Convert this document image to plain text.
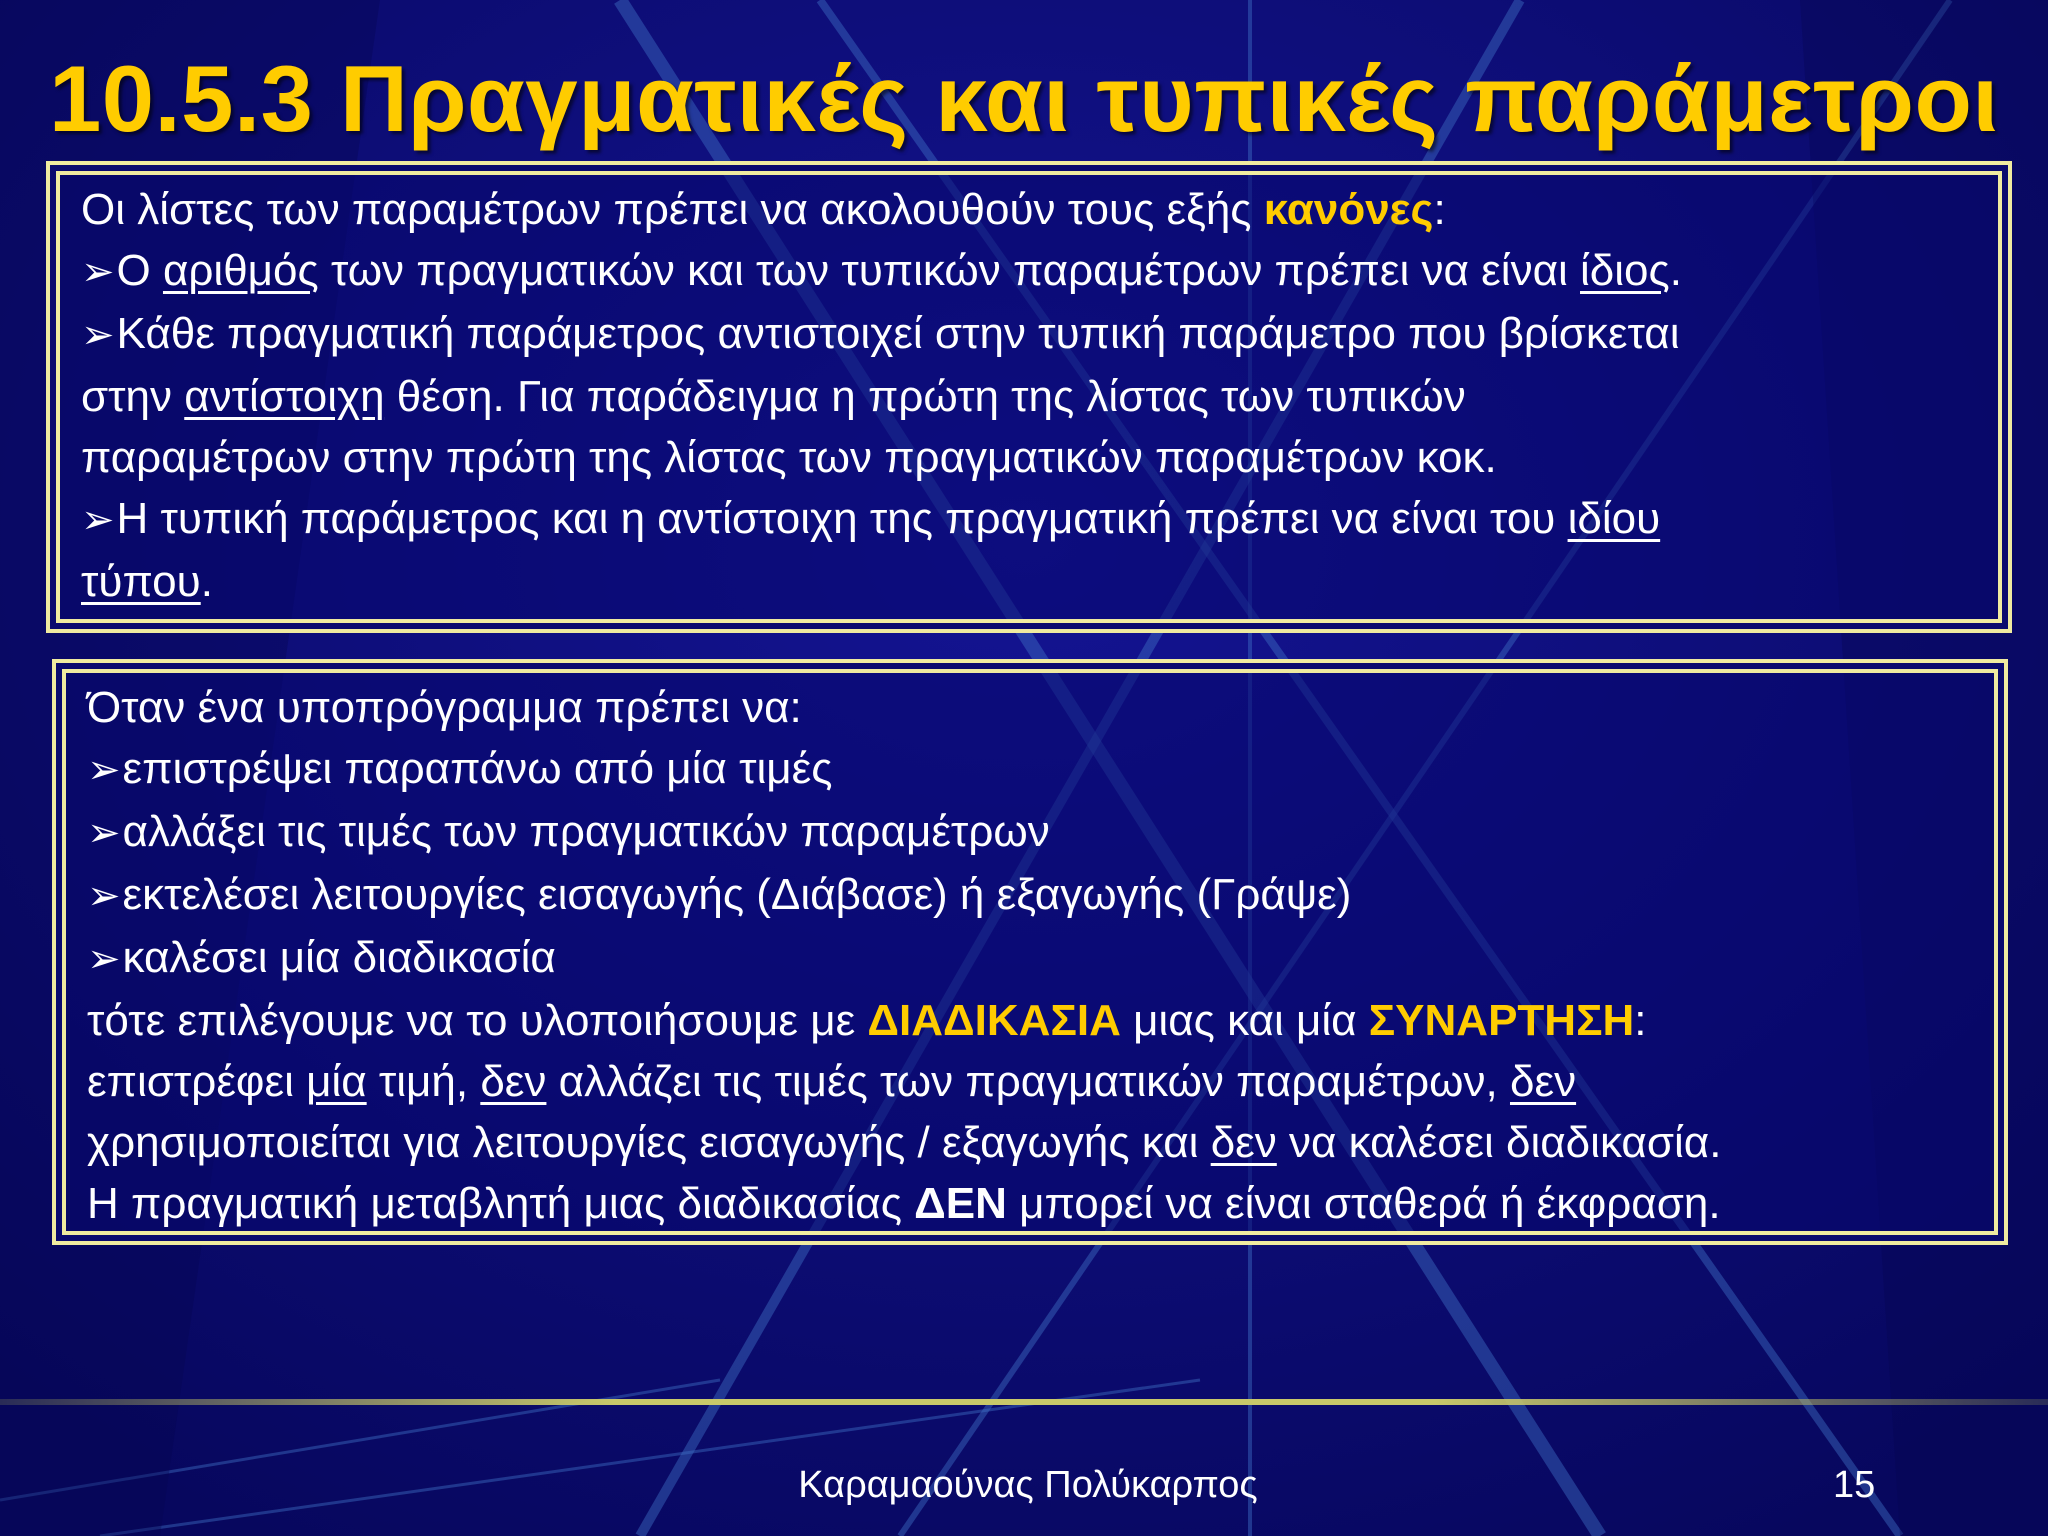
10.5.3 Πραγματικές και τυπικές παράμετροι
Οι λίστες των παραμέτρων πρέπει να ακολουθούν τους εξής κανόνες:
➢Ο αριθμός των πραγματικών και των τυπικών παραμέτρων πρέπει να είναι ίδιος.
➢Κάθε πραγματική παράμετρος αντιστοιχεί στην τυπική παράμετρο που βρίσκεται
στην αντίστοιχη θέση. Για παράδειγμα η πρώτη της λίστας των τυπικών
παραμέτρων στην πρώτη της λίστας των πραγματικών παραμέτρων κοκ.
➢Η τυπική παράμετρος και η αντίστοιχη της πραγματική πρέπει να είναι του ιδίου
τύπου.
Όταν ένα υποπρόγραμμα πρέπει να:
➢επιστρέψει παραπάνω από μία τιμές
➢αλλάξει τις τιμές των πραγματικών παραμέτρων
➢εκτελέσει λειτουργίες εισαγωγής (Διάβασε) ή εξαγωγής (Γράψε)
➢καλέσει μία διαδικασία
τότε επιλέγουμε να το υλοποιήσουμε με ΔΙΑΔΙΚΑΣΙΑ μιας και μία ΣΥΝΑΡΤΗΣΗ:
επιστρέφει μία τιμή, δεν αλλάζει τις τιμές των πραγματικών παραμέτρων, δεν
χρησιμοποιείται για λειτουργίες εισαγωγής / εξαγωγής και δεν να καλέσει διαδικασία.
Η πραγματική μεταβλητή μιας διαδικασίας ΔΕΝ μπορεί να είναι σταθερά ή έκφραση.
Καραμαούνας Πολύκαρπος	15
